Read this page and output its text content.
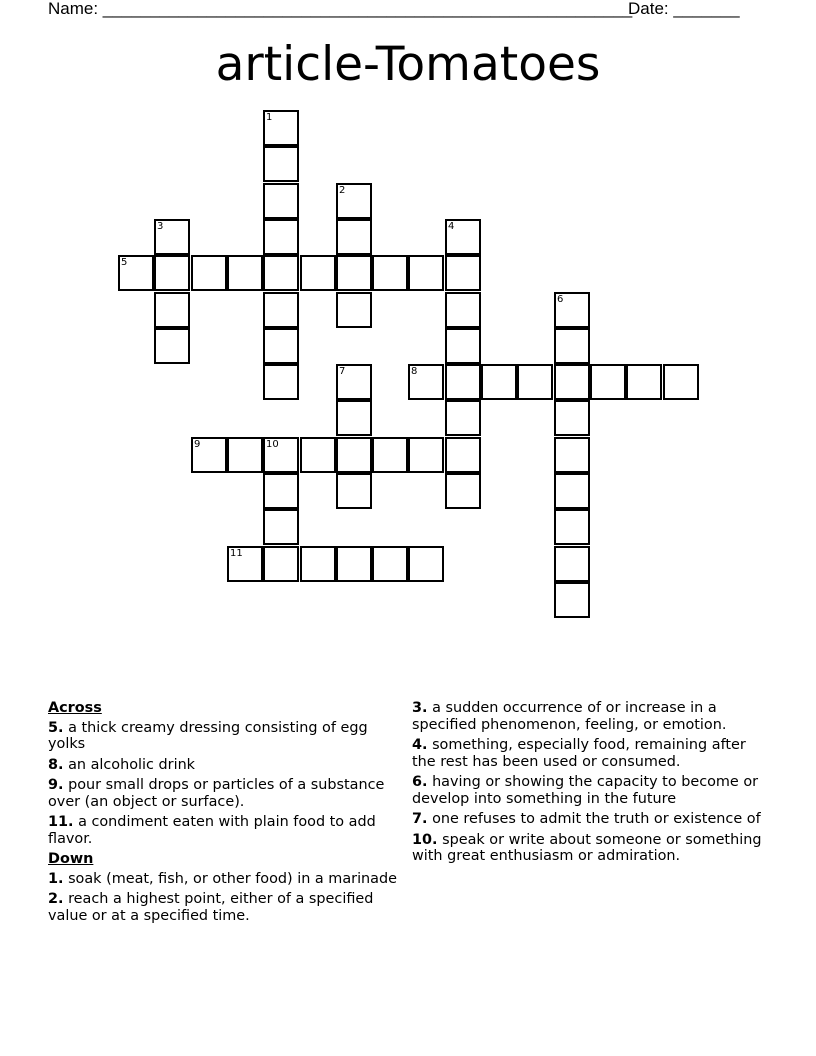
Name: ________________________________________________________
Date: _______
article-Tomatoes
1
2
3	4
5
6
7	8
9	10
11
Across
5. a thick creamy dressing consisting of egg yolks
8. an alcoholic drink
9. pour small drops or particles of a substance over (an object or surface).
11. a condiment eaten with plain food to add flavor.
Down
1. soak (meat, fish, or other food) in a marinade
2. reach a highest point, either of a specified value or at a specified time.
3. a sudden occurrence of or increase in a specified phenomenon, feeling, or emotion.
4. something, especially food, remaining after the rest has been used or consumed.
6. having or showing the capacity to become or develop into something in the future
7. one refuses to admit the truth or existence of
10. speak or write about someone or something with great enthusiasm or admiration.
